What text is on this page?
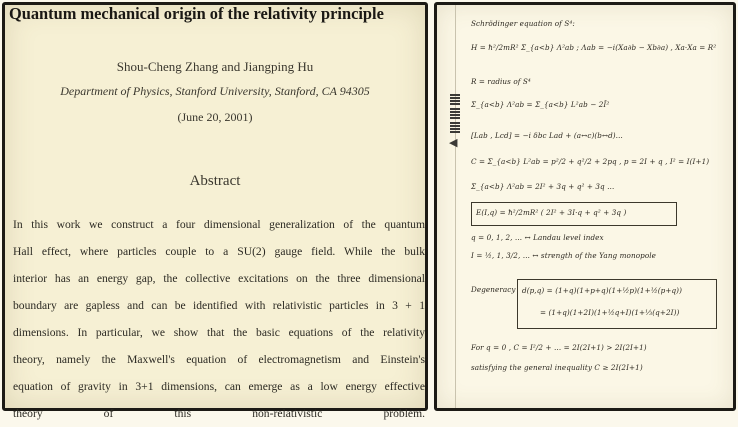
Quantum mechanical origin of the relativity principle
Shou-Cheng Zhang and Jiangping Hu
Department of Physics, Stanford University, Stanford, CA 94305
(June 20, 2001)
Abstract
In this work we construct a four dimensional generalization of the quantum
Hall effect, where particles couple to a SU(2) gauge field. While the bulk
interior has an energy gap, the collective excitations on the three dimensional
boundary are gapless and can be identified with relativistic particles in 3 + 1
dimensions. In particular, we show that the basic equations of the relativity
theory, namely the Maxwell's equation of electromagnetism and Einstein's
equation of gravity in 3+1 dimensions, can emerge as a low energy effective
theory of this non-relativistic problem.
◀
Schrödinger equation of S⁴:
H = ħ²/2mR² Σ_{a<b} Λ²ab ; Λab = −i(Xa∂b − Xb∂a) , Xa·Xa = R²
R = radius of S⁴
Σ_{a<b} Λ²ab = Σ_{a<b} L²ab − 2Î²
[Lab , Lcd] = −i δbc Lad + (a↔c)(b↔d)…
C = Σ_{a<b} L²ab = p²/2 + q²/2 + 2pq , p = 2I + q , I² = I(I+1)
Σ_{a<b} Λ²ab = 2I² + 3q + q² + 3q …
E(I,q) = ħ²/2mR² ( 2I² + 3I·q + q² + 3q )
q = 0, 1, 2, … ↔ Landau level index
I = ½, 1, 3/2, … ↔ strength of the Yang monopole
Degeneracy d(p,q) = (1+q)(1+p+q)(1+½p)(1+½(p+q))
= (1+q)(1+2I)(1+½q+I)(1+⅓(q+2I))
For q = 0 , C = I²/2 + … = 2I(2I+1) > 2I(2I+1)
satisfying the general inequality C ≥ 2I(2I+1)
